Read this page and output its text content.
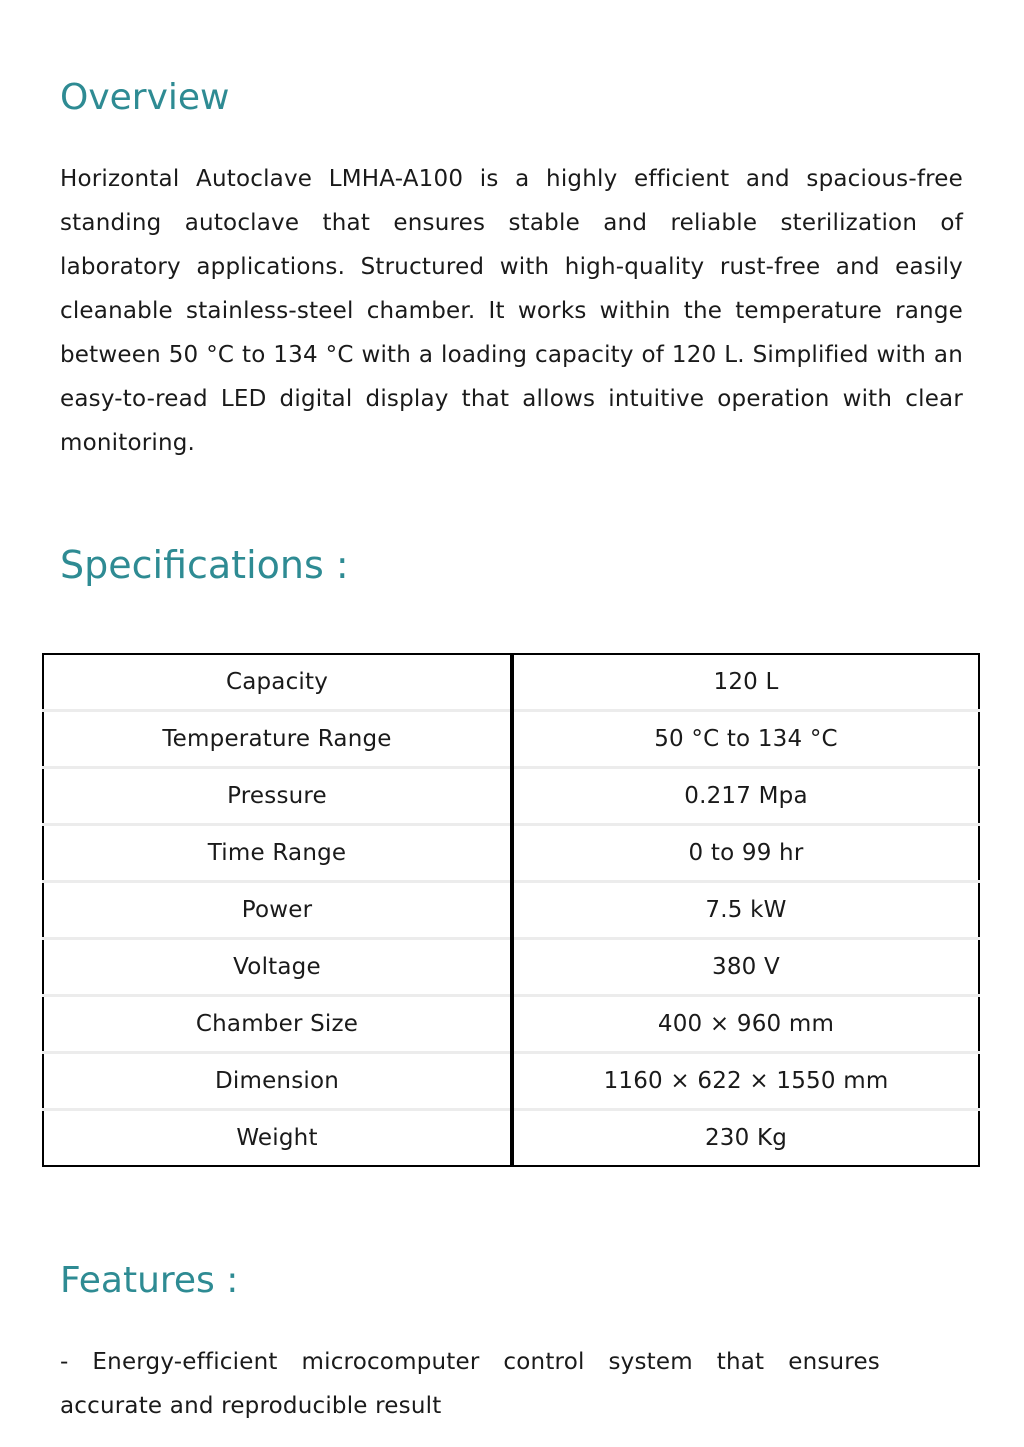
Overview

Horizontal Autoclave LMHA-A100 is a highly efficient and spacious-free standing autoclave that ensures stable and reliable sterilization of laboratory applications. Structured with high-quality rust-free and easily cleanable stainless-steel chamber. It works within the temperature range between 50 °C to 134 °C with a loading capacity of 120 L. Simplified with an easy-to-read LED digital display that allows intuitive operation with clear monitoring.

Specifications :
Capacity	120 L
Temperature Range	50 °C to 134 °C
Pressure	0.217 Mpa
Time Range	0 to 99 hr
Power	7.5 kW
Voltage	380 V
Chamber Size	400 × 960 mm
Dimension	1160 × 622 × 1550 mm
Weight	230 Kg
Features :

- Energy-efficient microcomputer control system that ensures accurate and reproducible result
